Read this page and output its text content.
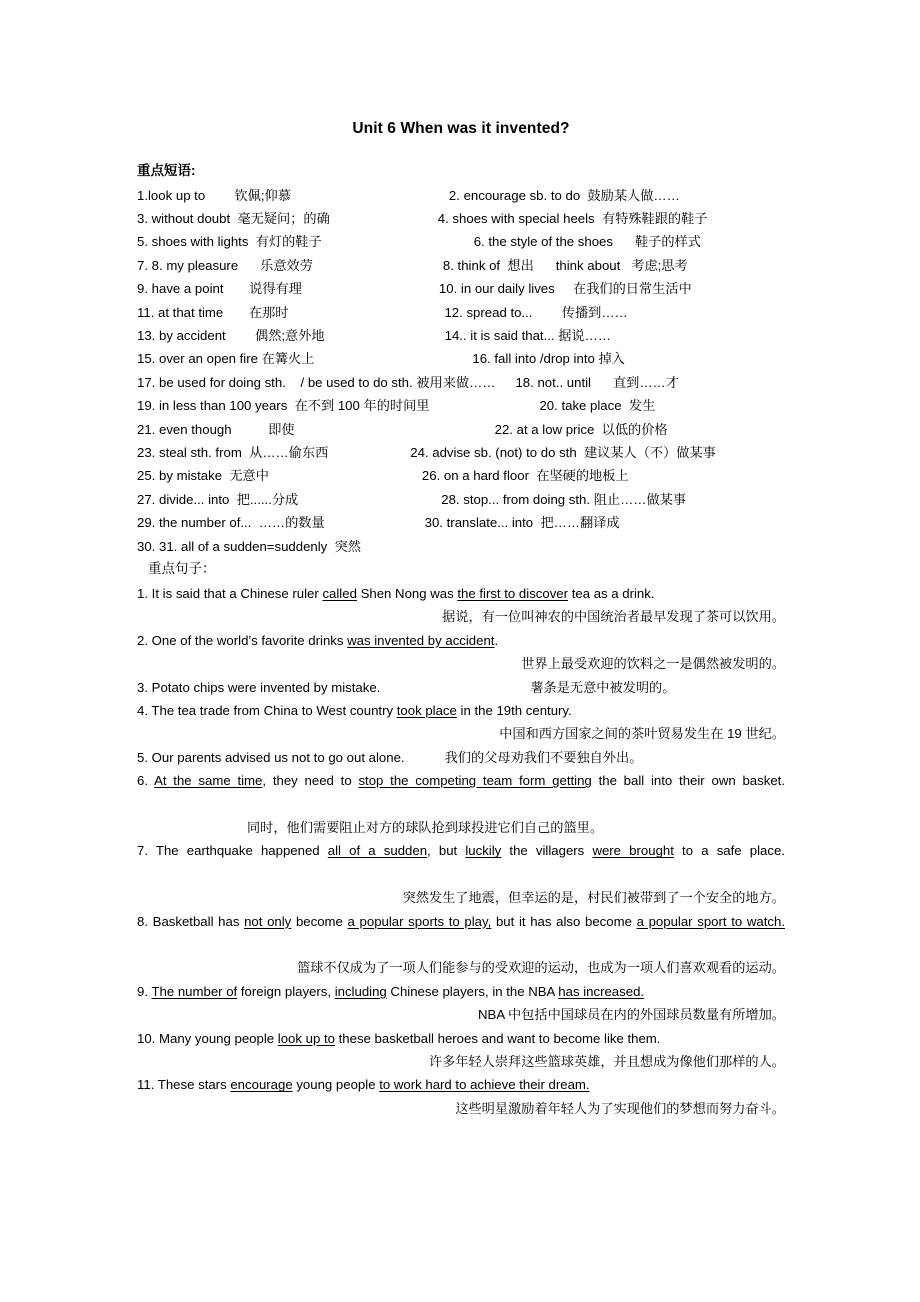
Unit 6 When was it invented?
重点短语:
1.look up to        钦佩;仰慕	2. encourage sb. to do  鼓励某人做……
3. without doubt  毫无疑问；的确	4. shoes with special heels  有特殊鞋跟的鞋子
5. shoes with lights  有灯的鞋子	6. the style of the shoes      鞋子的样式
7. 8. my pleasure      乐意效劳	8. think of  想出      think about   考虑;思考
9. have a point       说得有理	10. in our daily lives     在我们的日常生活中
11. at that time       在那时	12. spread to...        传播到……
13. by accident        偶然;意外地	14.. it is said that... 据说……
15. over an open fire 在篝火上	16. fall into /drop into 掉入
17. be used for doing sth.    / be used to do sth. 被用来做…… 18. not.. until      直到……才
19. in less than 100 years  在不到 100 年的时间里	20. take place  发生
21. even though          即使	22. at a low price  以低的价格
23. steal sth. from  从……偷东西	24. advise sb. (not) to do sth  建议某人（不）做某事
25. by mistake  无意中	26. on a hard floor  在坚硬的地板上
27. divide... into  把......分成	28. stop... from doing sth. 阻止……做某事
29. the number of...  ……的数量	30. translate... into  把……翻译成
30. 31. all of a sudden=suddenly  突然
重点句子：
1. It is said that a Chinese ruler called Shen Nong was the first to discover tea as a drink.
据说，有一位叫神农的中国统治者最早发现了茶可以饮用。
2. One of the world’s favorite drinks was invented by accident.
世界上最受欢迎的饮料之一是偶然被发明的。
3. Potato chips were invented by mistake.	薯条是无意中被发明的。
4. The tea trade from China to West country took place in the 19th century.
中国和西方国家之间的茶叶贸易发生在 19 世纪。
5. Our parents advised us not to go out alone.	我们的父母劝我们不要独自外出。
6. At the same time, they need to stop the competing team form getting the ball into their own basket.
同时，他们需要阻止对方的球队抢到球投进它们自己的篮里。
7. The earthquake happened all of a sudden, but luckily the villagers were brought to a safe place.
突然发生了地震，但幸运的是，村民们被带到了一个安全的地方。
8. Basketball has not only become a popular sports to play, but it has also become a popular sport to watch.
篮球不仅成为了一项人们能参与的受欢迎的运动，也成为一项人们喜欢观看的运动。
9. The number of foreign players, including Chinese players, in the NBA has increased.
NBA 中包括中国球员在内的外国球员数量有所增加。
10. Many young people look up to these basketball heroes and want to become like them.
许多年轻人崇拜这些篮球英雄，并且想成为像他们那样的人。
11. These stars encourage young people to work hard to achieve their dream.
这些明星激励着年轻人为了实现他们的梦想而努力奋斗。
